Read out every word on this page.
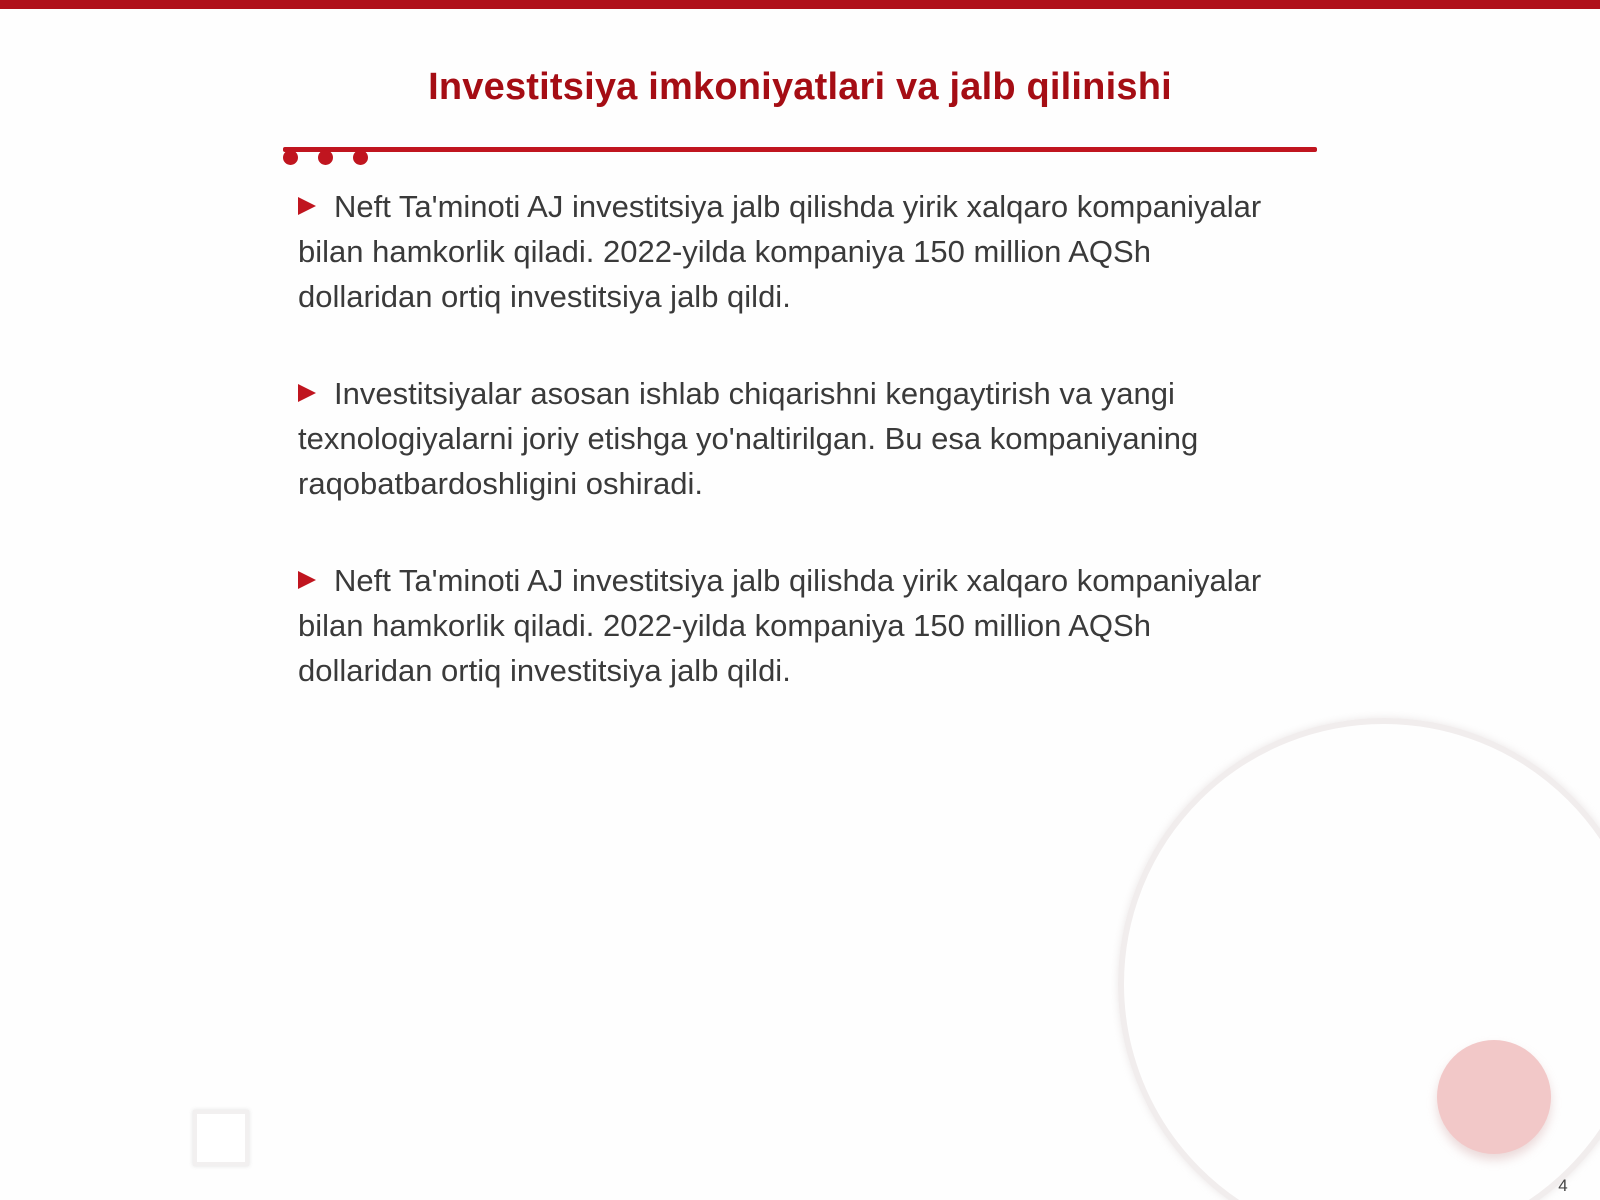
Investitsiya imkoniyatlari va jalb qilinishi

Neft Ta'minoti AJ investitsiya jalb qilishda yirik xalqaro kompaniyalar bilan hamkorlik qiladi. 2022-yilda kompaniya 150 million AQSh dollaridan ortiq investitsiya jalb qildi.

Investitsiyalar asosan ishlab chiqarishni kengaytirish va yangi texnologiyalarni joriy etishga yo'naltirilgan. Bu esa kompaniyaning raqobatbardoshligini oshiradi.

Neft Ta'minoti AJ investitsiya jalb qilishda yirik xalqaro kompaniyalar bilan hamkorlik qiladi. 2022-yilda kompaniya 150 million AQSh dollaridan ortiq investitsiya jalb qildi.

4
